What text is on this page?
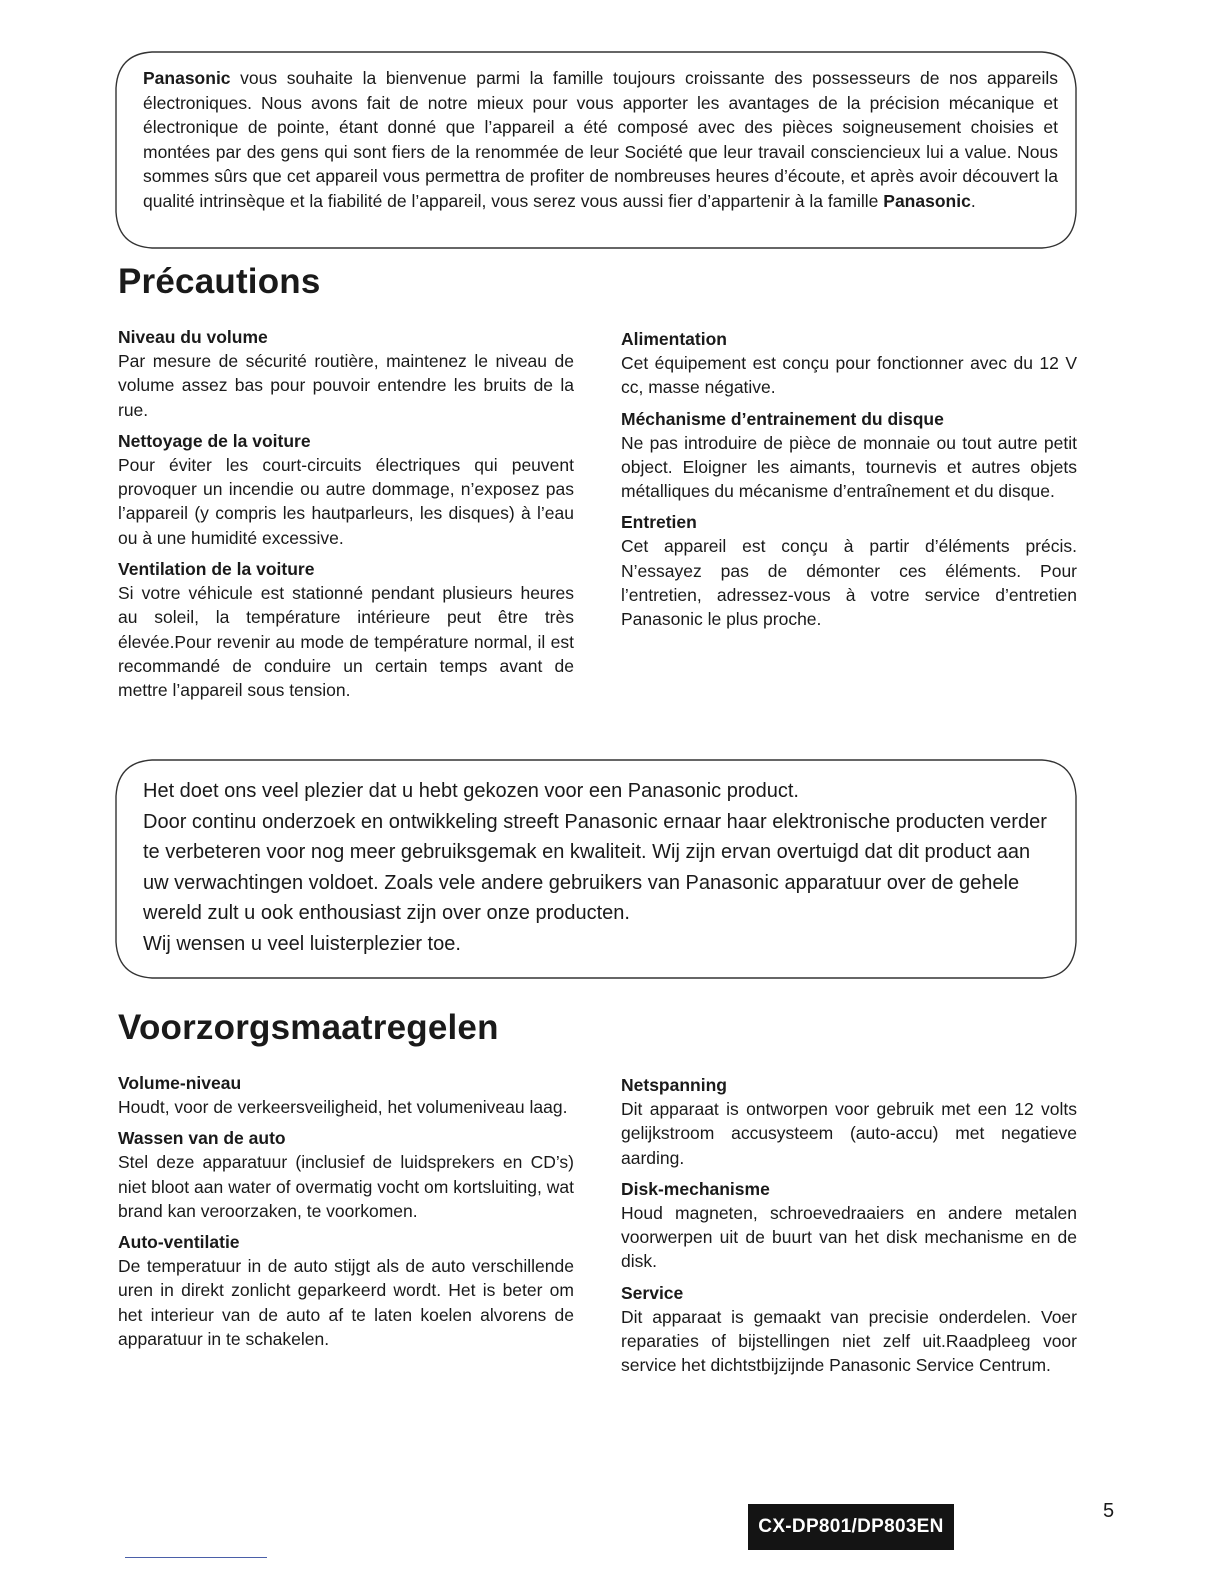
Panasonic vous souhaite la bienvenue parmi la famille toujours croissante des possesseurs de nos appareils électroniques. Nous avons fait de notre mieux pour vous apporter les avantages de la précision mécanique et électronique de pointe, étant donné que l’appareil a été composé avec des pièces soigneusement choisies et montées par des gens qui sont fiers de la renommée de leur Société que leur travail consciencieux lui a value. Nous sommes sûrs que cet appareil vous permettra de profiter de nombreuses heures d’écoute, et après avoir découvert la qualité intrinsèque et la fiabilité de l’appareil, vous serez vous aussi fier d’appartenir à la famille Panasonic.
Précautions
Niveau du volume

Par mesure de sécurité routière, maintenez le niveau de volume assez bas pour pouvoir entendre les bruits de la rue.

Nettoyage de la voiture

Pour éviter les court-circuits électriques qui peuvent provoquer un incendie ou autre dommage, n’exposez pas l’appareil (y compris les hautparleurs, les disques) à l’eau ou à une humidité excessive.

Ventilation de la voiture

Si votre véhicule est stationné pendant plusieurs heures au soleil, la température intérieure peut être très élevée.Pour revenir au mode de température normal, il est recommandé de conduire un certain temps avant de mettre l’appareil sous tension.

Alimentation

Cet équipement est conçu pour fonctionner avec du 12 V cc, masse négative.

Méchanisme d’entrainement du disque

Ne pas introduire de pièce de monnaie ou tout autre petit object. Eloigner les aimants, tournevis et autres objets métalliques du mécanisme d’entraînement et du disque.

Entretien

Cet appareil est conçu à partir d’éléments précis. N’essayez pas de démonter ces éléments. Pour l’entretien, adressez-vous à votre service d’entretien Panasonic le plus proche.

Het doet ons veel plezier dat u hebt gekozen voor een Panasonic product.

Door continu onderzoek en ontwikkeling streeft Panasonic ernaar haar elektronische producten verder te verbeteren voor nog meer gebruiksgemak en kwaliteit. Wij zijn ervan overtuigd dat dit product aan uw verwachtingen voldoet. Zoals vele andere gebruikers van Panasonic apparatuur over de gehele wereld zult u ook enthousiast zijn over onze producten.

Wij wensen u veel luisterplezier toe.

Voorzorgsmaatregelen
Volume-niveau

Houdt, voor de verkeersveiligheid, het volumeniveau laag.

Wassen van de auto

Stel deze apparatuur (inclusief de luidsprekers en CD’s) niet bloot aan water of overmatig vocht om kortsluiting, wat brand kan veroorzaken, te voorkomen.

Auto-ventilatie

De temperatuur in de auto stijgt als de auto verschillende uren in direkt zonlicht geparkeerd wordt. Het is beter om het interieur van de auto af te laten koelen alvorens de apparatuur in te schakelen.

Netspanning

Dit apparaat is ontworpen voor gebruik met een 12 volts gelijkstroom accusysteem (auto-accu) met negatieve aarding.

Disk-mechanisme

Houd magneten, schroevedraaiers en andere metalen voorwerpen uit de buurt van het disk mechanisme en de disk.

Service

Dit apparaat is gemaakt van precisie onderdelen. Voer reparaties of bijstellingen niet zelf uit.Raadpleeg voor service het dichtstbijzijnde Panasonic Service Centrum.

CX-DP801/DP803EN
5
